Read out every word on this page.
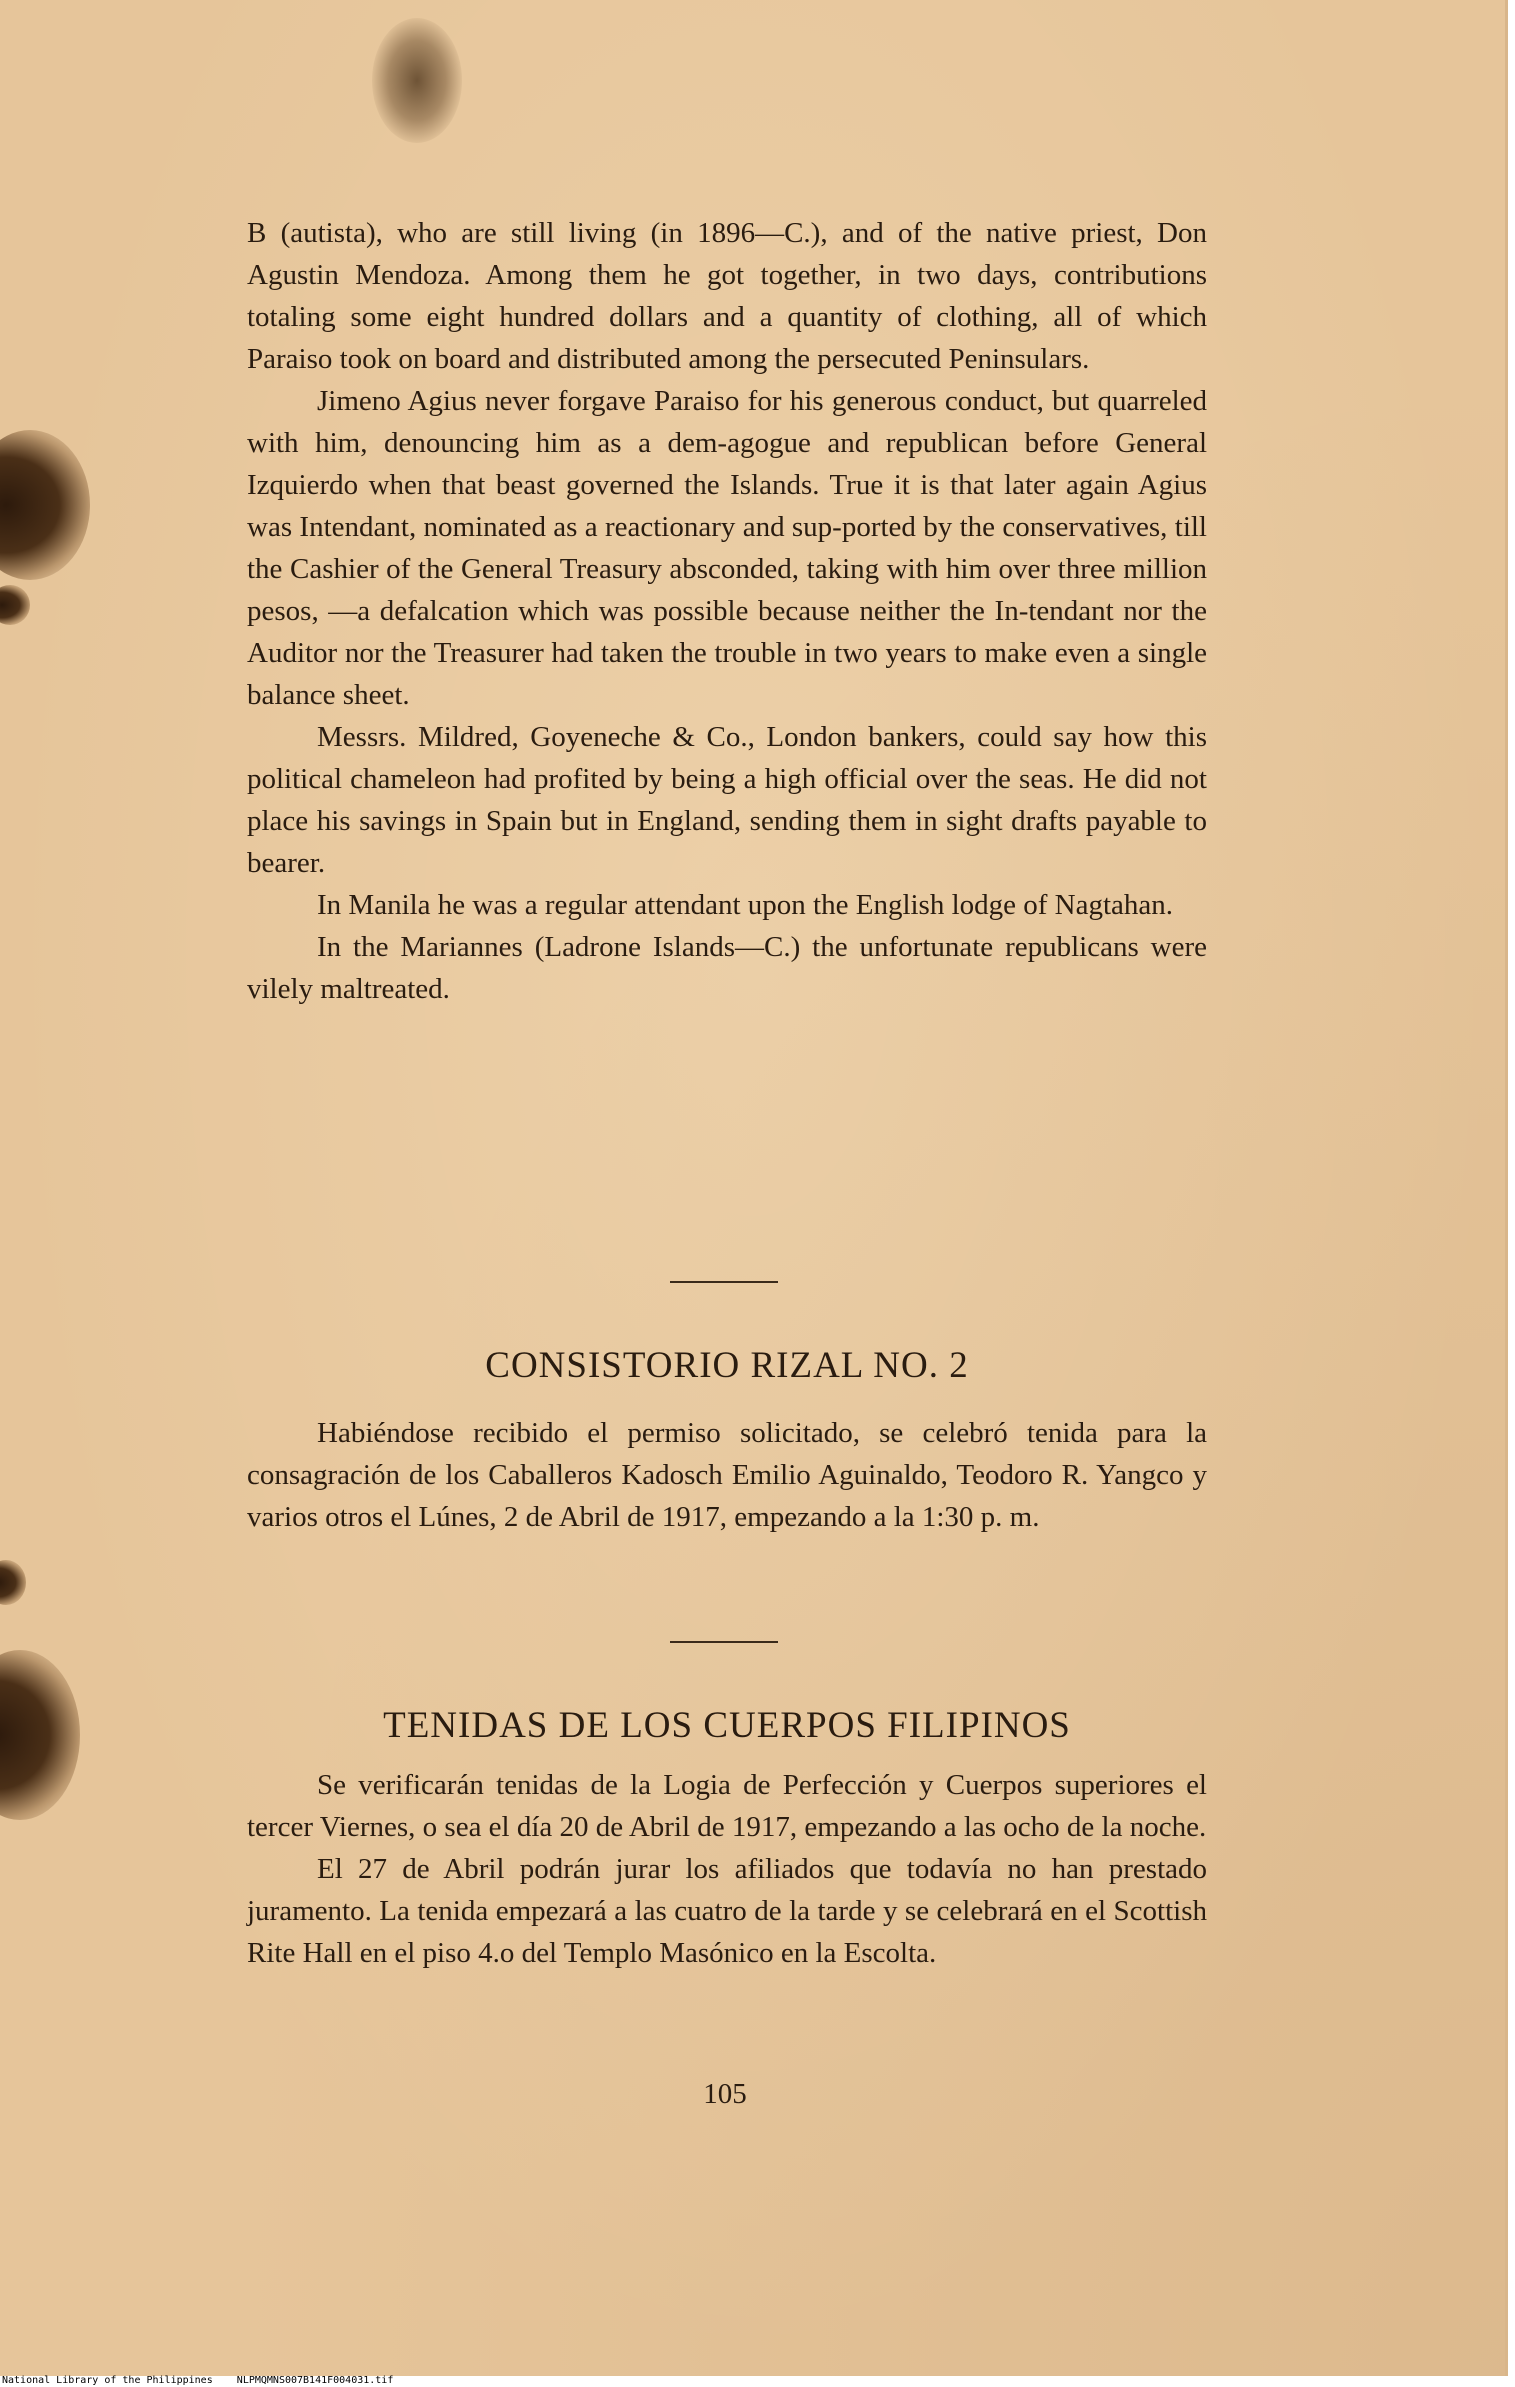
B (autista), who are still living (in 1896—C.), and of the native priest, Don Agustin Mendoza. Among them he got together, in two days, contributions totaling some eight hundred dollars and a quantity of clothing, all of which Paraiso took on board and distributed among the persecuted Peninsulars.

Jimeno Agius never forgave Paraiso for his generous conduct, but quarreled with him, denouncing him as a dem-agogue and republican before General Izquierdo when that beast governed the Islands. True it is that later again Agius was Intendant, nominated as a reactionary and sup-ported by the conservatives, till the Cashier of the General Treasury absconded, taking with him over three million pesos, —a defalcation which was possible because neither the In-tendant nor the Auditor nor the Treasurer had taken the trouble in two years to make even a single balance sheet.

Messrs. Mildred, Goyeneche & Co., London bankers, could say how this political chameleon had profited by being a high official over the seas. He did not place his savings in Spain but in England, sending them in sight drafts payable to bearer.

In Manila he was a regular attendant upon the English lodge of Nagtahan.

In the Mariannes (Ladrone Islands—C.) the unfortunate republicans were vilely maltreated.

CONSISTORIO RIZAL NO. 2

Habiéndose recibido el permiso solicitado, se celebró tenida para la consagración de los Caballeros Kadosch Emilio Aguinaldo, Teodoro R. Yangco y varios otros el Lúnes, 2 de Abril de 1917, empezando a la 1:30 p. m.

TENIDAS DE LOS CUERPOS FILIPINOS

Se verificarán tenidas de la Logia de Perfección y Cuerpos superiores el tercer Viernes, o sea el día 20 de Abril de 1917, empezando a las ocho de la noche.

El 27 de Abril podrán jurar los afiliados que todavía no han prestado juramento. La tenida empezará a las cuatro de la tarde y se celebrará en el Scottish Rite Hall en el piso 4.o del Templo Masónico en la Escolta.

105
National Library of the Philippines    NLPMQMNS007B141F004031.tif
